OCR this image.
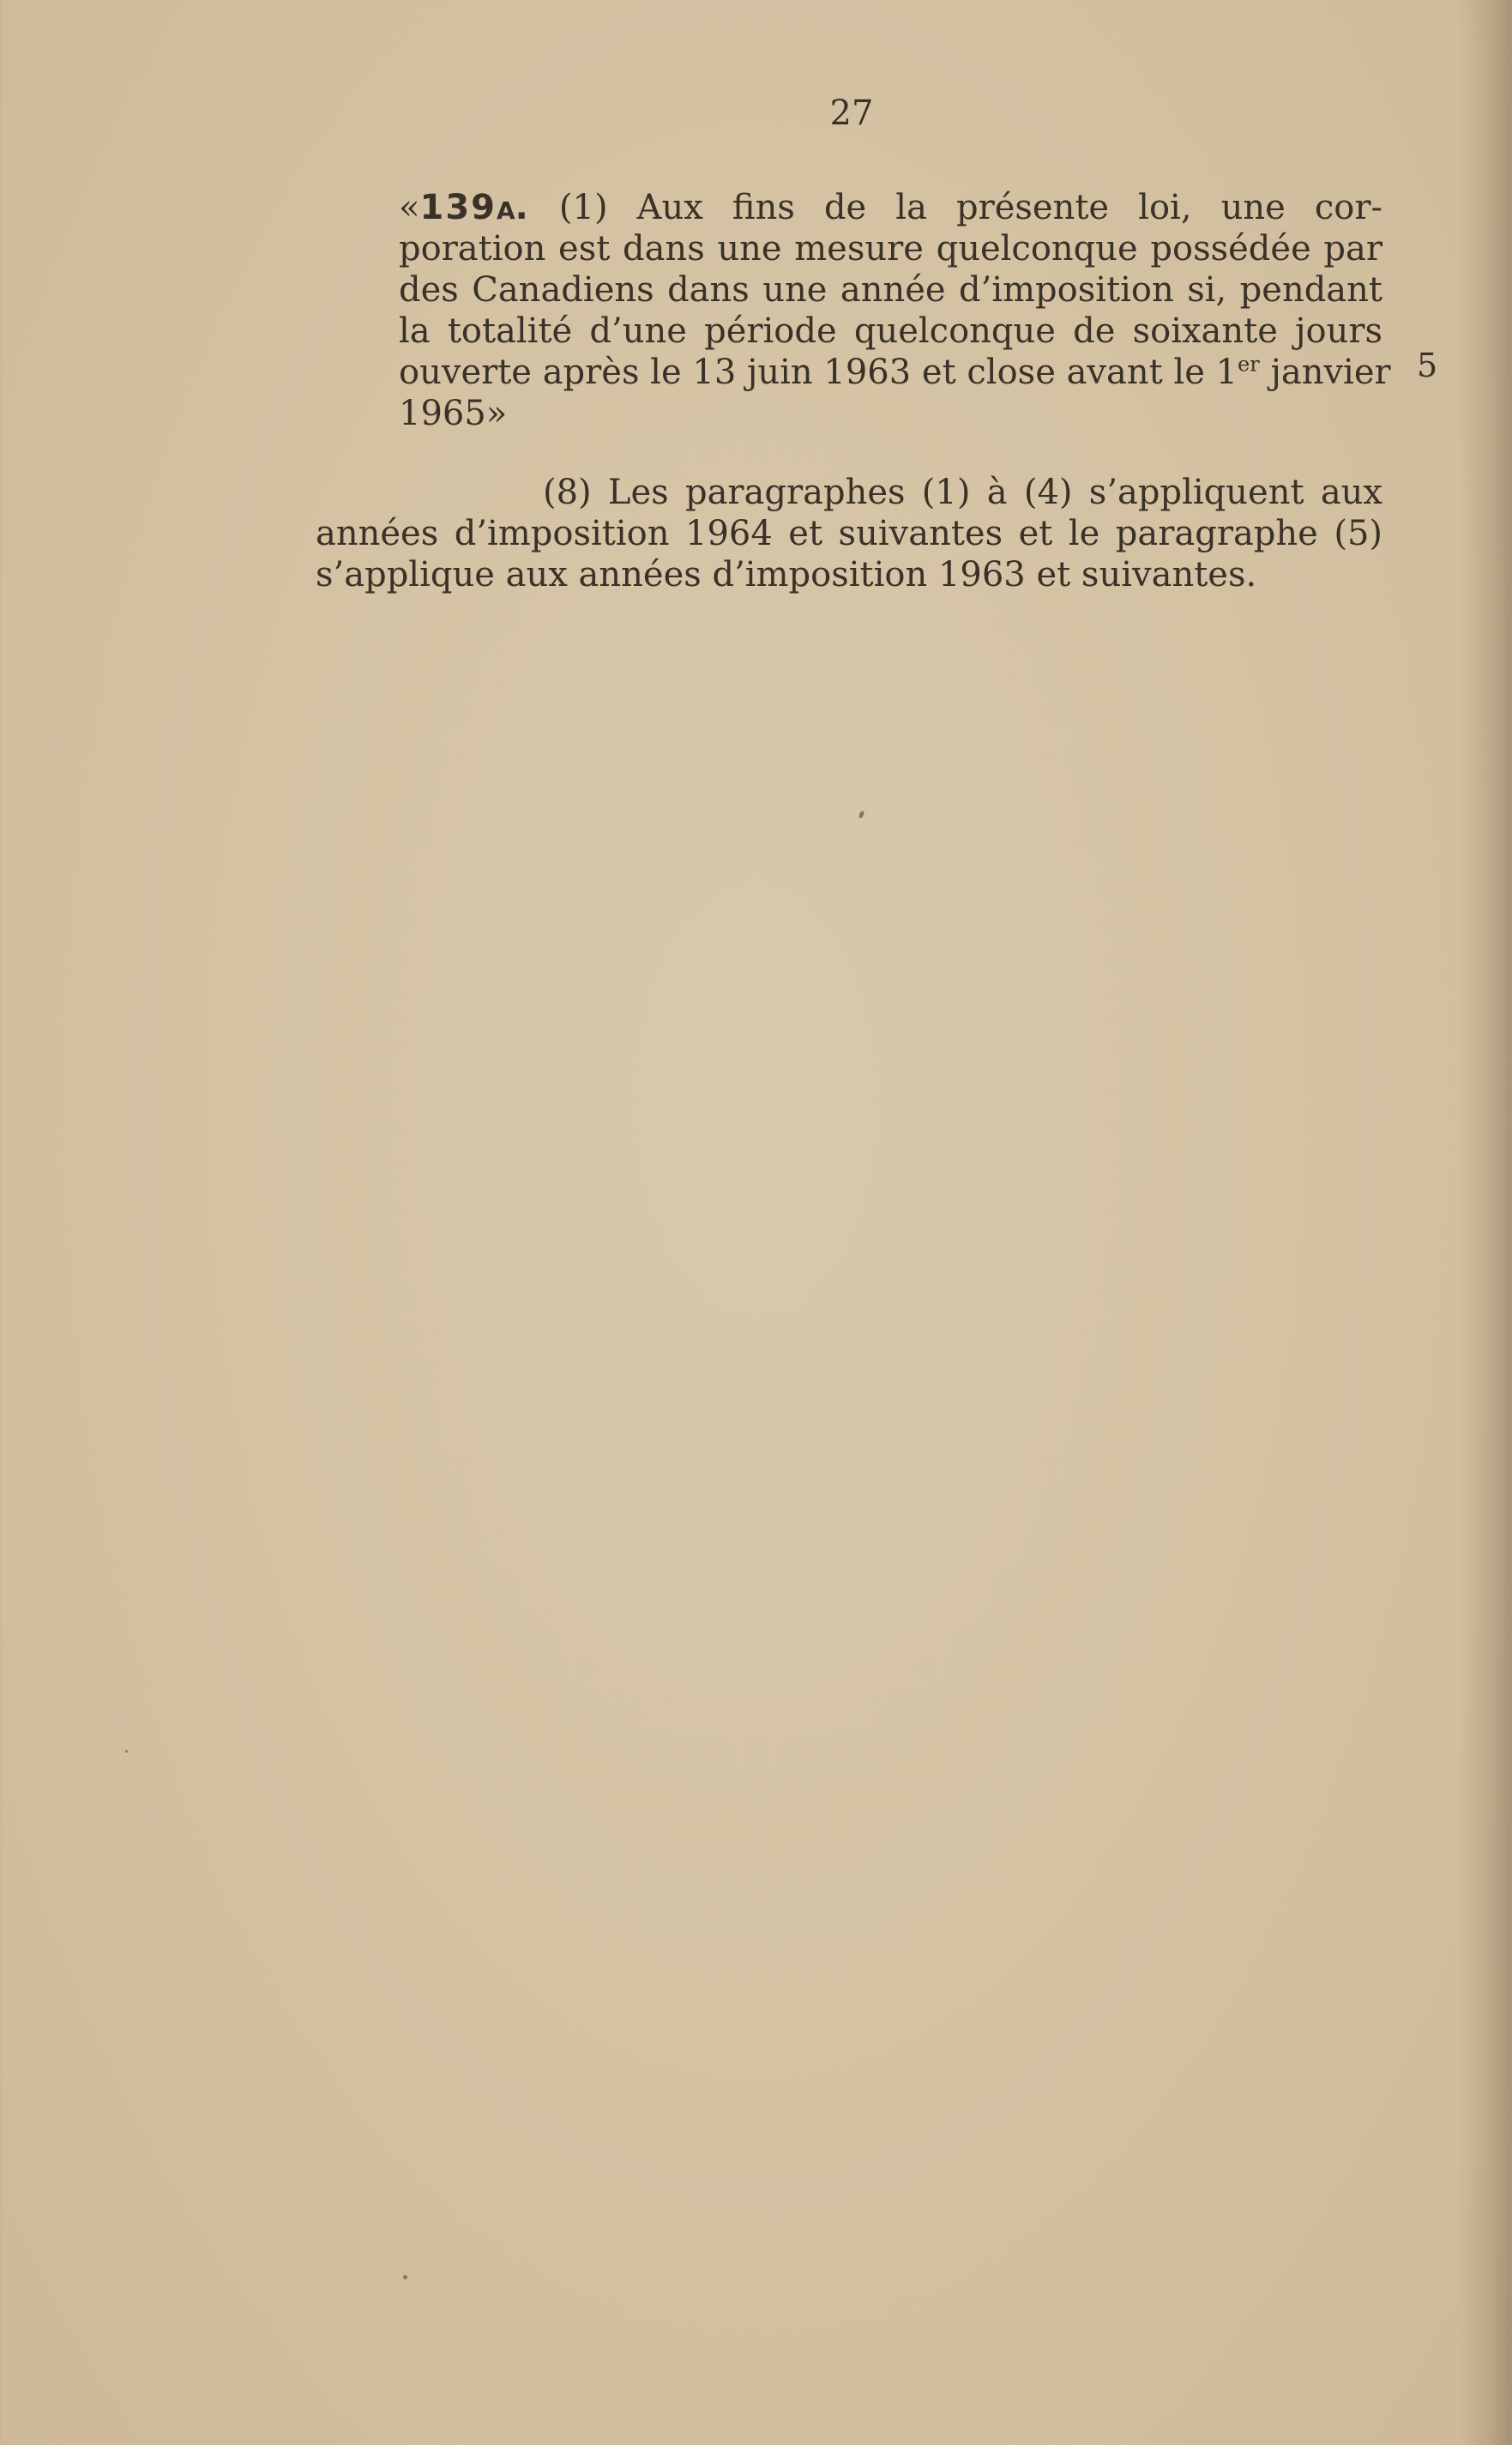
27
«139A. (1) Aux fins de la présente loi, une cor-
poration est dans une mesure quelconque possédée par
des Canadiens dans une année d’imposition si, pendant
la totalité d’une période quelconque de soixante jours
ouverte après le 13 juin 1963 et close avant le 1er janvier
1965»
5
(8) Les paragraphes (1) à (4) s’appliquent aux
années d’imposition 1964 et suivantes et le paragraphe (5)
s’applique aux années d’imposition 1963 et suivantes.
